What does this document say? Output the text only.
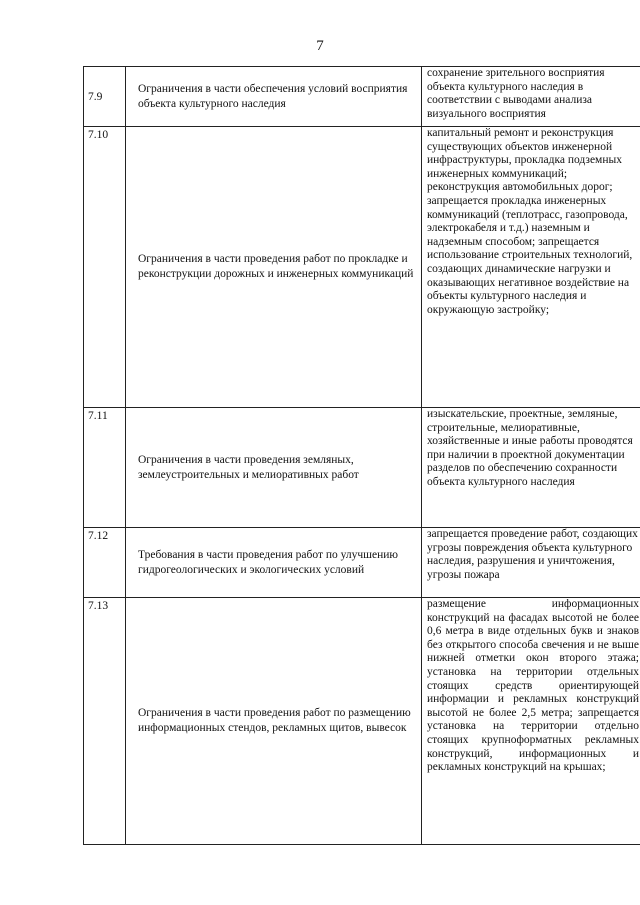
7
7.9	Ограничения в части обеспечения условий восприятия объекта культурного наследия	сохранение зрительного восприятия объекта культурного наследия в соответствии с выводами анализа визуального восприятия
7.10	Ограничения в части проведения работ по прокладке и реконструкции дорожных и инженерных коммуникаций	капитальный ремонт и реконструкция существующих объектов инженерной инфраструктуры, прокладка подземных инженерных коммуникаций; реконструкция автомобильных дорог; запрещается прокладка инженерных коммуникаций (теплотрасс, газопровода, электрокабеля и т.д.) наземным и надземным способом; запрещается использование строительных технологий, создающих динамические нагрузки и оказывающих негативное воздействие на объекты культурного наследия и окружающую застройку;
7.11	Ограничения в части проведения земляных, землеустроительных и мелиоративных работ	изыскательские, проектные, земляные, строительные, мелиоративные, хозяйственные и иные работы проводятся при наличии в проектной документации разделов по обеспечению сохранности объекта культурного наследия
7.12	Требования в части проведения работ по улучшению гидрогеологических и экологических условий	запрещается проведение работ, создающих угрозы повреждения объекта культурного наследия, разрушения и уничтожения, угрозы пожара
7.13	Ограничения в части проведения работ по размещению информационных стендов, рекламных щитов, вывесок	размещение информационных конструкций на фасадах высотой не более 0,6 метра в виде отдельных букв и знаков без открытого способа свечения и не выше нижней отметки окон второго этажа; установка на территории отдельных стоящих средств ориентирующей информации и рекламных конструкций высотой не более 2,5 метра; запрещается установка на территории отдельно стоящих крупноформатных рекламных конструкций, информационных и рекламных конструкций на крышах;
